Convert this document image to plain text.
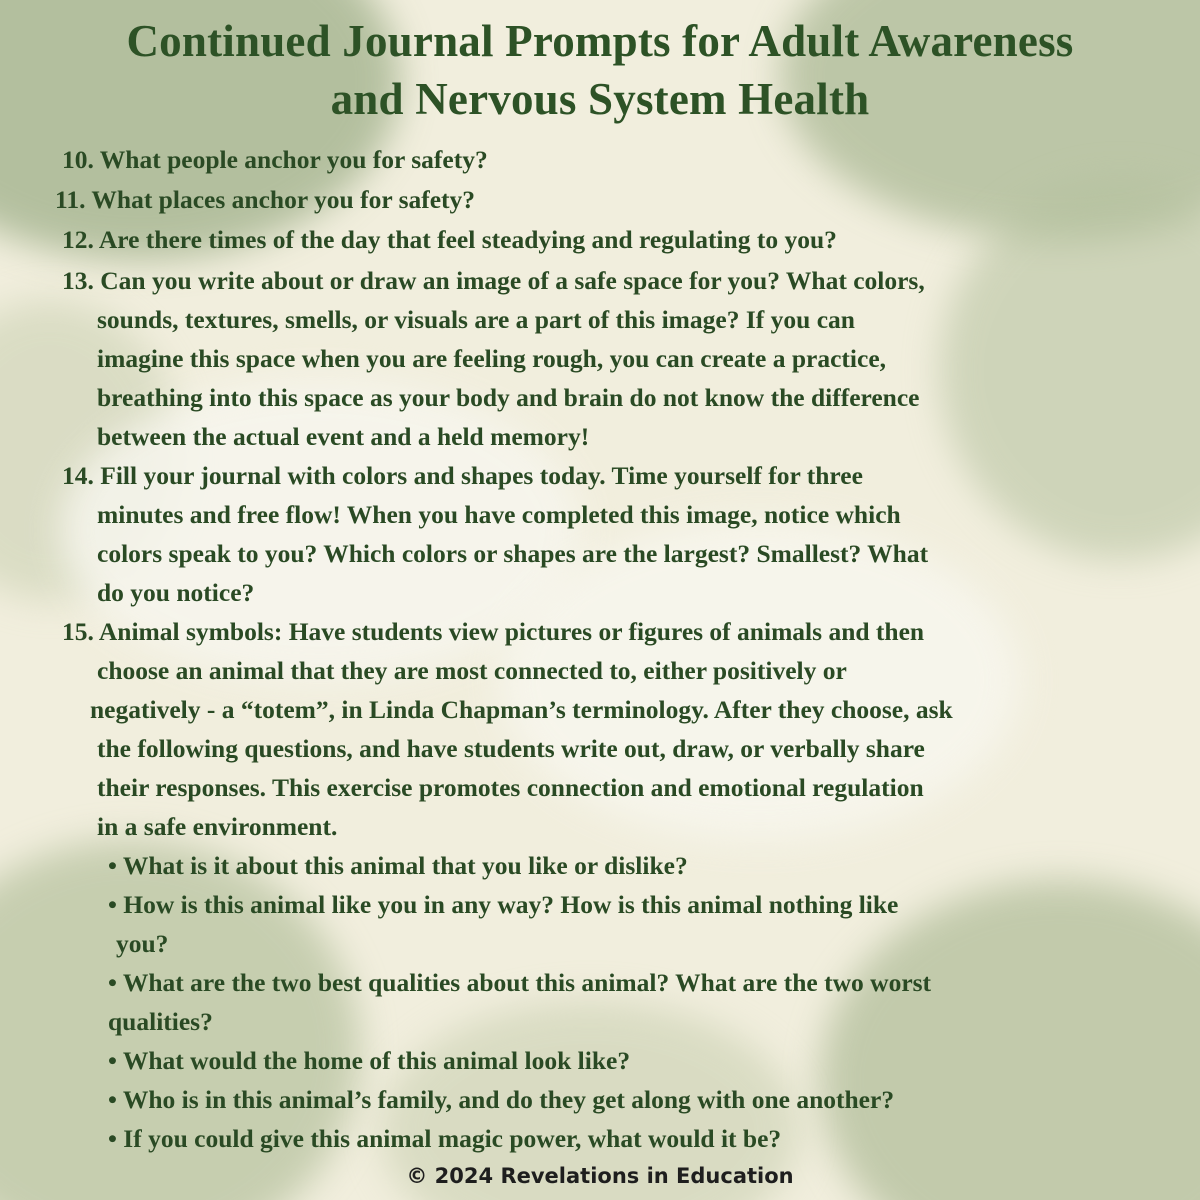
Continued Journal Prompts for Adult Awareness
and Nervous System Health
10. What people anchor you for safety?
11. What places anchor you for safety?
12. Are there times of the day that feel steadying and regulating to you?
13. Can you write about or draw an image of a safe space for you? What colors,
sounds, textures, smells, or visuals are a part of this image? If you can
imagine this space when you are feeling rough, you can create a practice,
breathing into this space as your body and brain do not know the difference
between the actual event and a held memory!
14. Fill your journal with colors and shapes today. Time yourself for three
minutes and free flow! When you have completed this image, notice which
colors speak to you? Which colors or shapes are the largest? Smallest? What
do you notice?
15. Animal symbols: Have students view pictures or figures of animals and then
choose an animal that they are most connected to, either positively or
negatively - a “totem”, in Linda Chapman’s terminology. After they choose, ask
the following questions, and have students write out, draw, or verbally share
their responses. This exercise promotes connection and emotional regulation
in a safe environment.
• What is it about this animal that you like or dislike?
• How is this animal like you in any way? How is this animal nothing like
you?
• What are the two best qualities about this animal? What are the two worst
qualities?
• What would the home of this animal look like?
• Who is in this animal’s family, and do they get along with one another?
• If you could give this animal magic power, what would it be?
© 2024 Revelations in Education
